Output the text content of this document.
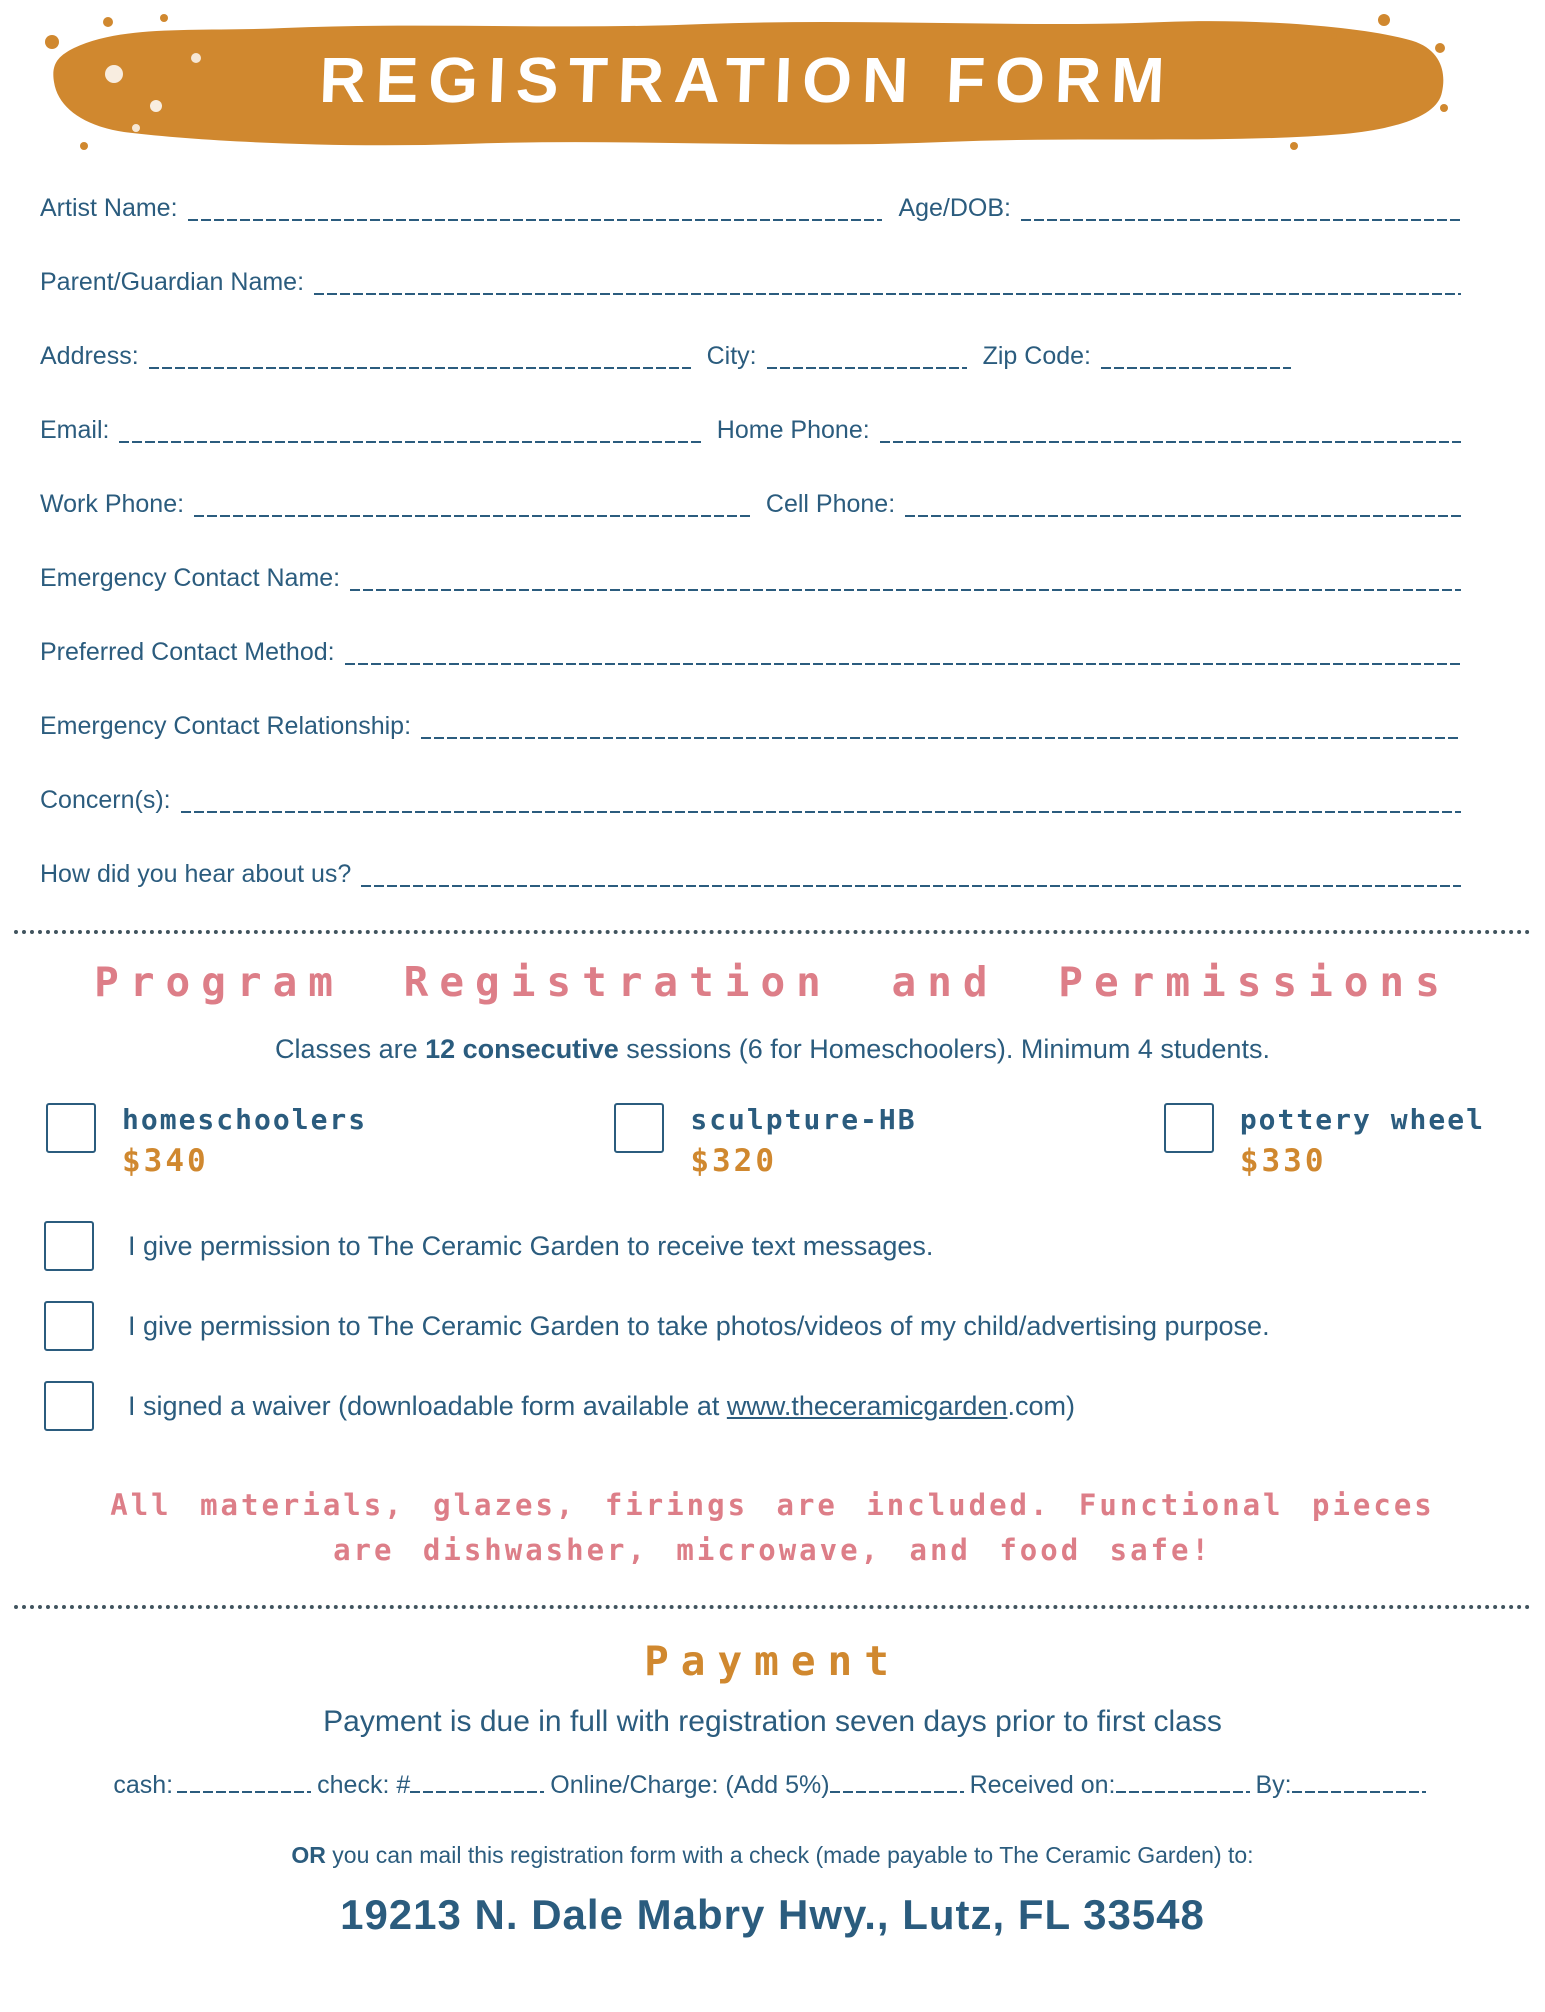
REGISTRATION FORM
Artist Name:	Age/DOB:
Parent/Guardian Name:
Address:	City:	Zip Code:
Email:	Home Phone:
Work Phone:	Cell Phone:
Emergency Contact Name:
Preferred Contact Method:
Emergency Contact Relationship:
Concern(s):
How did you hear about us?
Program Registration and Permissions

Classes are 12 consecutive sessions (6 for Homeschoolers). Minimum 4 students.

homeschoolers
$340
sculpture-HB
$320
pottery wheel
$330
I give permission to The Ceramic Garden to receive text messages.
I give permission to The Ceramic Garden to take photos/videos of my child/advertising purpose.
I signed a waiver (downloadable form available at www.theceramicgarden.com)
All materials, glazes, firings are included. Functional pieces
are dishwasher, microwave, and food safe!
Payment

Payment is due in full with registration seven days prior to first class

cash:	check: #	Online/Charge: (Add 5%)	Received on:	By:

OR you can mail this registration form with a check (made payable to The Ceramic Garden) to:

19213 N. Dale Mabry Hwy., Lutz, FL 33548
